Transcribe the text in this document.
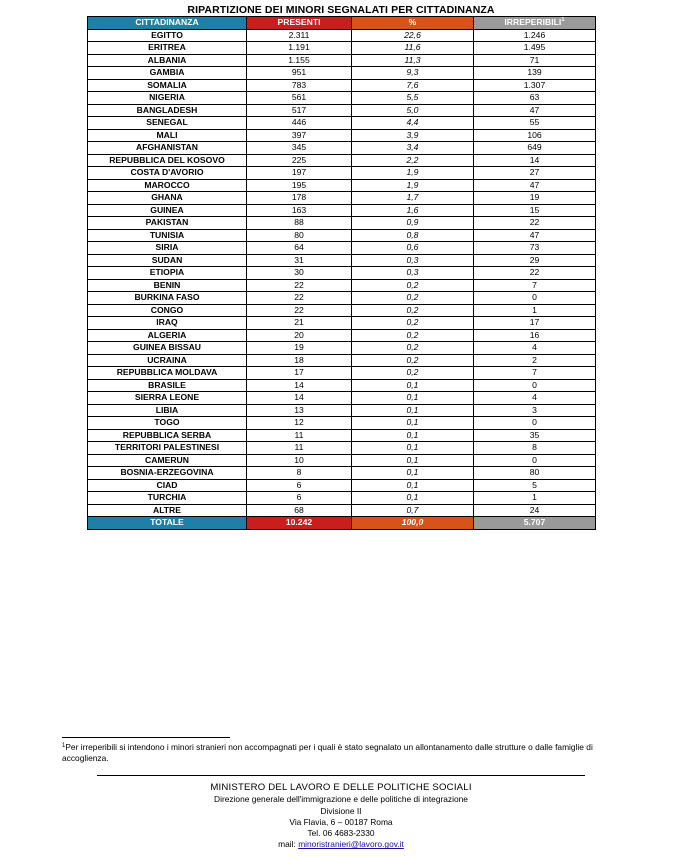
RIPARTIZIONE DEI MINORI SEGNALATI PER CITTADINANZA
CITTADINANZA	PRESENTI	%	IRREPERIBILI$^1$
EGITTO	2.311	22,6	1.246
ERITREA	1.191	11,6	1.495
ALBANIA	1.155	11,3	71
GAMBIA	951	9,3	139
SOMALIA	783	7,6	1.307
NIGERIA	561	5,5	63
BANGLADESH	517	5,0	47
SENEGAL	446	4,4	55
MALI	397	3,9	106
AFGHANISTAN	345	3,4	649
REPUBBLICA DEL KOSOVO	225	2,2	14
COSTA D'AVORIO	197	1,9	27
MAROCCO	195	1,9	47
GHANA	178	1,7	19
GUINEA	163	1,6	15
PAKISTAN	88	0,9	22
TUNISIA	80	0,8	47
SIRIA	64	0,6	73
SUDAN	31	0,3	29
ETIOPIA	30	0,3	22
BENIN	22	0,2	7
BURKINA FASO	22	0,2	0
CONGO	22	0,2	1
IRAQ	21	0,2	17
ALGERIA	20	0,2	16
GUINEA BISSAU	19	0,2	4
UCRAINA	18	0,2	2
REPUBBLICA MOLDAVA	17	0,2	7
BRASILE	14	0,1	0
SIERRA LEONE	14	0,1	4
LIBIA	13	0,1	3
TOGO	12	0,1	0
REPUBBLICA SERBA	11	0,1	35
TERRITORI PALESTINESI	11	0,1	8
CAMERUN	10	0,1	0
BOSNIA-ERZEGOVINA	8	0,1	80
CIAD	6	0,1	5
TURCHIA	6	0,1	1
ALTRE	68	0,7	24
TOTALE	10.242	100,0	5.707
$^1$Per irreperibili si intendono i minori stranieri non accompagnati per i quali è stato segnalato un allontanamento dalle strutture o dalle famiglie di accoglienza.
MINISTERO DEL LAVORO E DELLE POLITICHE SOCIALI
Direzione generale dell'immigrazione e delle politiche di integrazione
Divisione II
Via Flavia, 6 – 00187 Roma
Tel. 06 4683-2330
mail: minoristranieri@lavoro.gov.it
